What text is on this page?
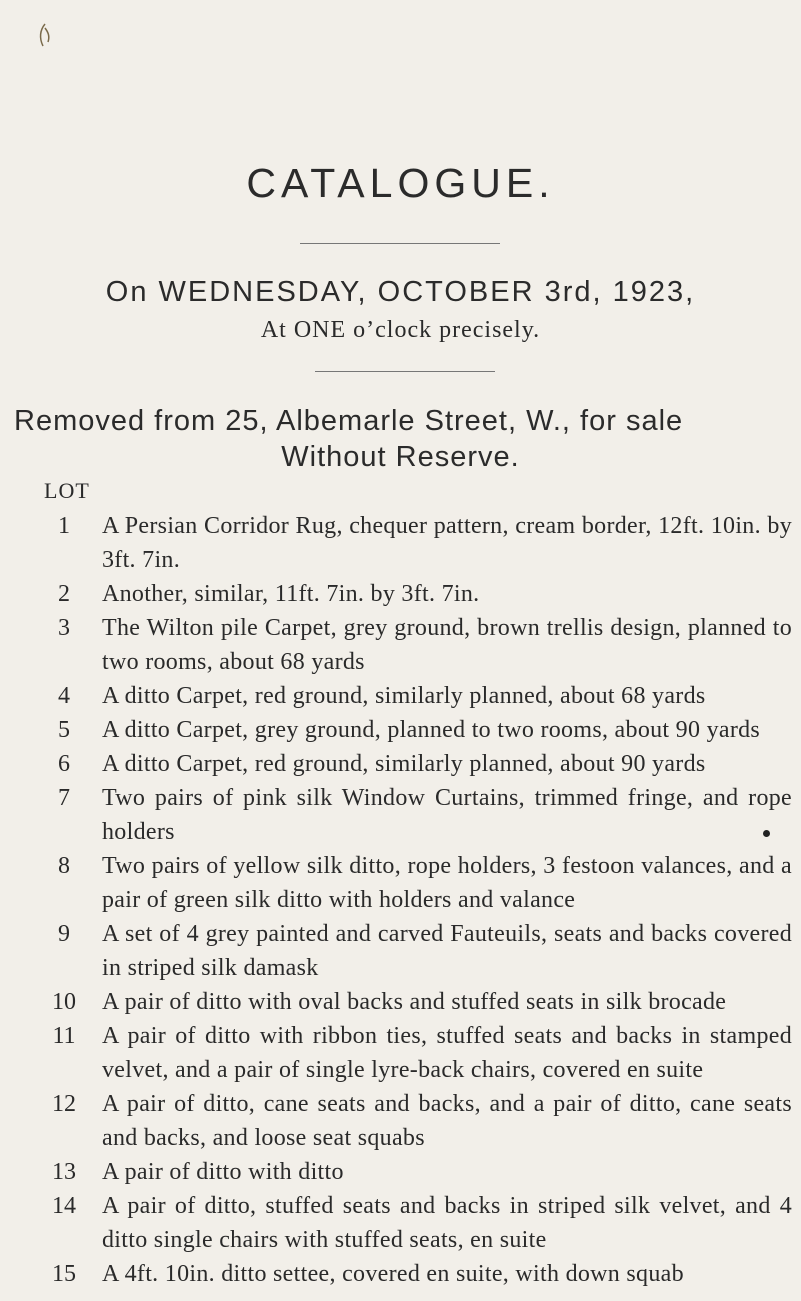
CATALOGUE.
On WEDNESDAY, OCTOBER 3rd, 1923,
At ONE o’clock precisely.
Removed from 25, Albemarle Street, W., for sale
Without Reserve.
LOT
1	A Persian Corridor Rug, chequer pattern, cream border, 12ft. 10in. by 3ft. 7in.
2	Another, similar, 11ft. 7in. by 3ft. 7in.
3	The Wilton pile Carpet, grey ground, brown trellis design, planned to two rooms, about 68 yards
4	A ditto Carpet, red ground, similarly planned, about 68 yards
5	A ditto Carpet, grey ground, planned to two rooms, about 90 yards
6	A ditto Carpet, red ground, similarly planned, about 90 yards
7	Two pairs of pink silk Window Curtains, trimmed fringe, and rope holders
8	Two pairs of yellow silk ditto, rope holders, 3 festoon valances, and a pair of green silk ditto with holders and valance
9	A set of 4 grey painted and carved Fauteuils, seats and backs covered in striped silk damask
10	A pair of ditto with oval backs and stuffed seats in silk brocade
11	A pair of ditto with ribbon ties, stuffed seats and backs in stamped velvet, and a pair of single lyre-back chairs, covered en suite
12	A pair of ditto, cane seats and backs, and a pair of ditto, cane seats and backs, and loose seat squabs
13	A pair of ditto with ditto
14	A pair of ditto, stuffed seats and backs in striped silk velvet, and 4 ditto single chairs with stuffed seats, en suite
15	A 4ft. 10in. ditto settee, covered en suite, with down squab
